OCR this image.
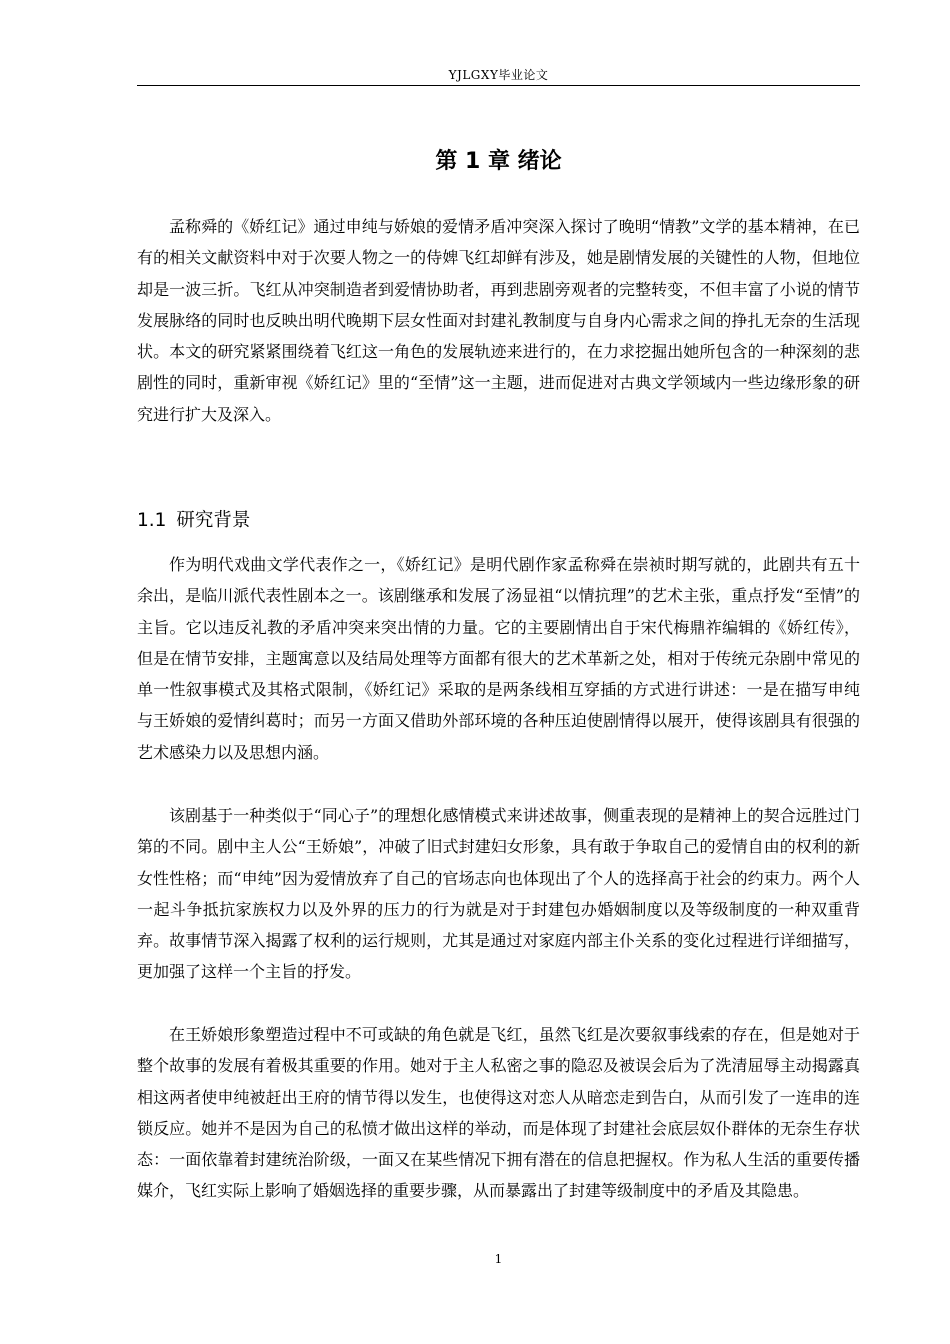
YJLGXY毕业论文
第 1 章 绪论

孟称舜的《娇红记》通过申纯与娇娘的爱情矛盾冲突深入探讨了晚明“情教”文学的基本精神，在已有的相关文献资料中对于次要人物之一的侍婢飞红却鲜有涉及，她是剧情发展的关键性的人物，但地位却是一波三折。飞红从冲突制造者到爱情协助者，再到悲剧旁观者的完整转变，不但丰富了小说的情节发展脉络的同时也反映出明代晚期下层女性面对封建礼教制度与自身内心需求之间的挣扎无奈的生活现状。本文的研究紧紧围绕着飞红这一角色的发展轨迹来进行的，在力求挖掘出她所包含的一种深刻的悲剧性的同时，重新审视《娇红记》里的“至情”这一主题，进而促进对古典文学领域内一些边缘形象的研究进行扩大及深入。

1.1 研究背景

作为明代戏曲文学代表作之一，《娇红记》是明代剧作家孟称舜在崇祯时期写就的，此剧共有五十余出，是临川派代表性剧本之一。该剧继承和发展了汤显祖“以情抗理”的艺术主张，重点抒发“至情”的主旨。它以违反礼教的矛盾冲突来突出情的力量。它的主要剧情出自于宋代梅鼎祚编辑的《娇红传》，但是在情节安排，主题寓意以及结局处理等方面都有很大的艺术革新之处，相对于传统元杂剧中常见的单一性叙事模式及其格式限制，《娇红记》采取的是两条线相互穿插的方式进行讲述：一是在描写申纯与王娇娘的爱情纠葛时；而另一方面又借助外部环境的各种压迫使剧情得以展开，使得该剧具有很强的艺术感染力以及思想内涵。

该剧基于一种类似于“同心子”的理想化感情模式来讲述故事，侧重表现的是精神上的契合远胜过门第的不同。剧中主人公“王娇娘”，冲破了旧式封建妇女形象，具有敢于争取自己的爱情自由的权利的新女性性格；而“申纯”因为爱情放弃了自己的官场志向也体现出了个人的选择高于社会的约束力。两个人一起斗争抵抗家族权力以及外界的压力的行为就是对于封建包办婚姻制度以及等级制度的一种双重背弃。故事情节深入揭露了权利的运行规则，尤其是通过对家庭内部主仆关系的变化过程进行详细描写，更加强了这样一个主旨的抒发。

在王娇娘形象塑造过程中不可或缺的角色就是飞红，虽然飞红是次要叙事线索的存在，但是她对于整个故事的发展有着极其重要的作用。她对于主人私密之事的隐忍及被误会后为了洗清屈辱主动揭露真相这两者使申纯被赶出王府的情节得以发生，也使得这对恋人从暗恋走到告白，从而引发了一连串的连锁反应。她并不是因为自己的私愤才做出这样的举动，而是体现了封建社会底层奴仆群体的无奈生存状态：一面依靠着封建统治阶级，一面又在某些情况下拥有潜在的信息把握权。作为私人生活的重要传播媒介，飞红实际上影响了婚姻选择的重要步骤，从而暴露出了封建等级制度中的矛盾及其隐患。

1
